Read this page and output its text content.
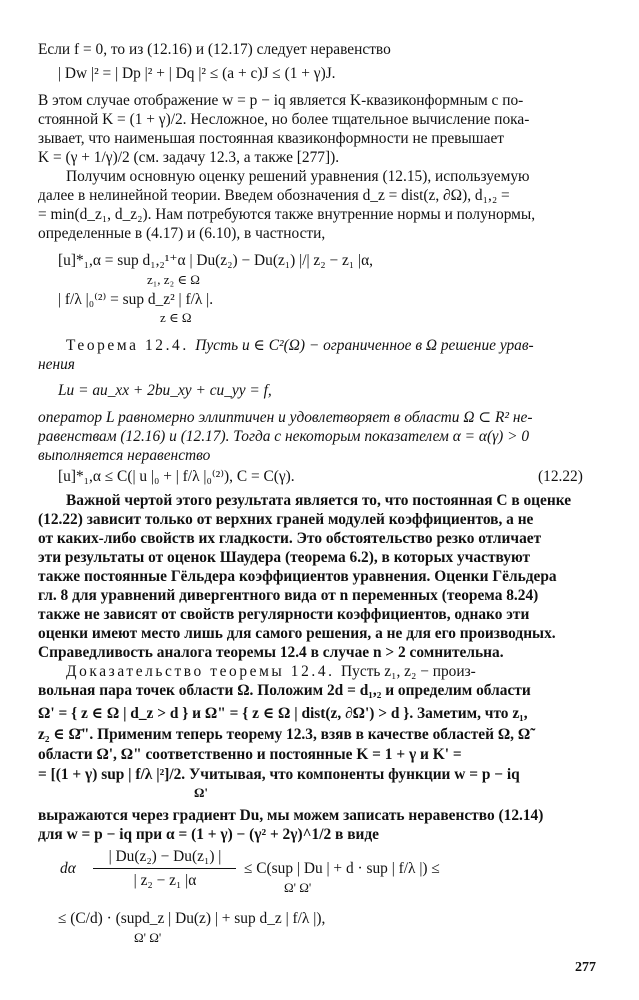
Если f = 0, то из (12.16) и (12.17) следует неравенство
| Dw |² = | Dp |² + | Dq |² ≤ (a + c)J ≤ (1 + γ)J.
В этом случае отображение w = p − iq является K-квазиконформным с по-
стоянной K = (1 + γ)/2. Несложное, но более тщательное вычисление пока-
зывает, что наименьшая постоянная квазиконформности не превышает
K = (γ + 1/γ)/2 (см. задачу 12.3, а также [277]).
Получим основную оценку решений уравнения (12.15), используемую
далее в нелинейной теории. Введем обозначения d_z = dist(z, ∂Ω), d₁,₂ =
= min(d_z₁, d_z₂). Нам потребуются также внутренние нормы и полунормы,
определенные в (4.17) и (6.10), в частности,
[u]*₁,α = sup d₁,₂¹⁺α | Du(z₂) − Du(z₁) |/| z₂ − z₁ |α,
z₁, z₂ ∈ Ω
| f/λ |₀⁽²⁾ = sup d_z² | f/λ |.
z ∈ Ω
Теорема 12.4. Пусть u ∈ C²(Ω) − ограниченное в Ω решение урав-
нения
Lu = au_xx + 2bu_xy + cu_yy = f,
оператор L равномерно эллиптичен и удовлетворяет в области Ω ⊂ R² не-
равенствам (12.16) и (12.17). Тогда с некоторым показателем α = α(γ) > 0
выполняется неравенство
[u]*₁,α ≤ C(| u |₀ + | f/λ |₀⁽²⁾), C = C(γ).	(12.22)
Важной чертой этого результата является то, что постоянная C в оценке
(12.22) зависит только от верхних граней модулей коэффициентов, а не
от каких-либо свойств их гладкости. Это обстоятельство резко отличает
эти результаты от оценок Шаудера (теорема 6.2), в которых участвуют
также постоянные Гёльдера коэффициентов уравнения. Оценки Гёльдера
гл. 8 для уравнений дивергентного вида от n переменных (теорема 8.24)
также не зависят от свойств регулярности коэффициентов, однако эти
оценки имеют место лишь для самого решения, а не для его производных.
Справедливость аналога теоремы 12.4 в случае n > 2 сомнительна.
Доказательство теоремы 12.4. Пусть z₁, z₂ − произ-
вольная пара точек области Ω. Положим 2d = d₁,₂ и определим области
Ω' = { z ∈ Ω | d_z > d } и Ω" = { z ∈ Ω | dist(z, ∂Ω') > d }. Заметим, что z₁,
z₂ ∈ Ω̄". Применим теперь теорему 12.3, взяв в качестве областей Ω, Ω̃
области Ω', Ω" соответственно и постоянные K = 1 + γ и K' =
= [(1 + γ) sup | f/λ |²]/2. Учитывая, что компоненты функции w = p − iq
Ω'
выражаются через градиент Du, мы можем записать неравенство (12.14)
для w = p − iq при α = (1 + γ) − (γ² + 2γ)^1/2 в виде
dα
| Du(z₂) − Du(z₁) |
| z₂ − z₁ |α
≤ C(sup | Du | + d · sup | f/λ |) ≤
Ω' Ω'
≤ (C/d) · (supd_z | Du(z) | + sup d_z | f/λ |),
Ω' Ω'
277
